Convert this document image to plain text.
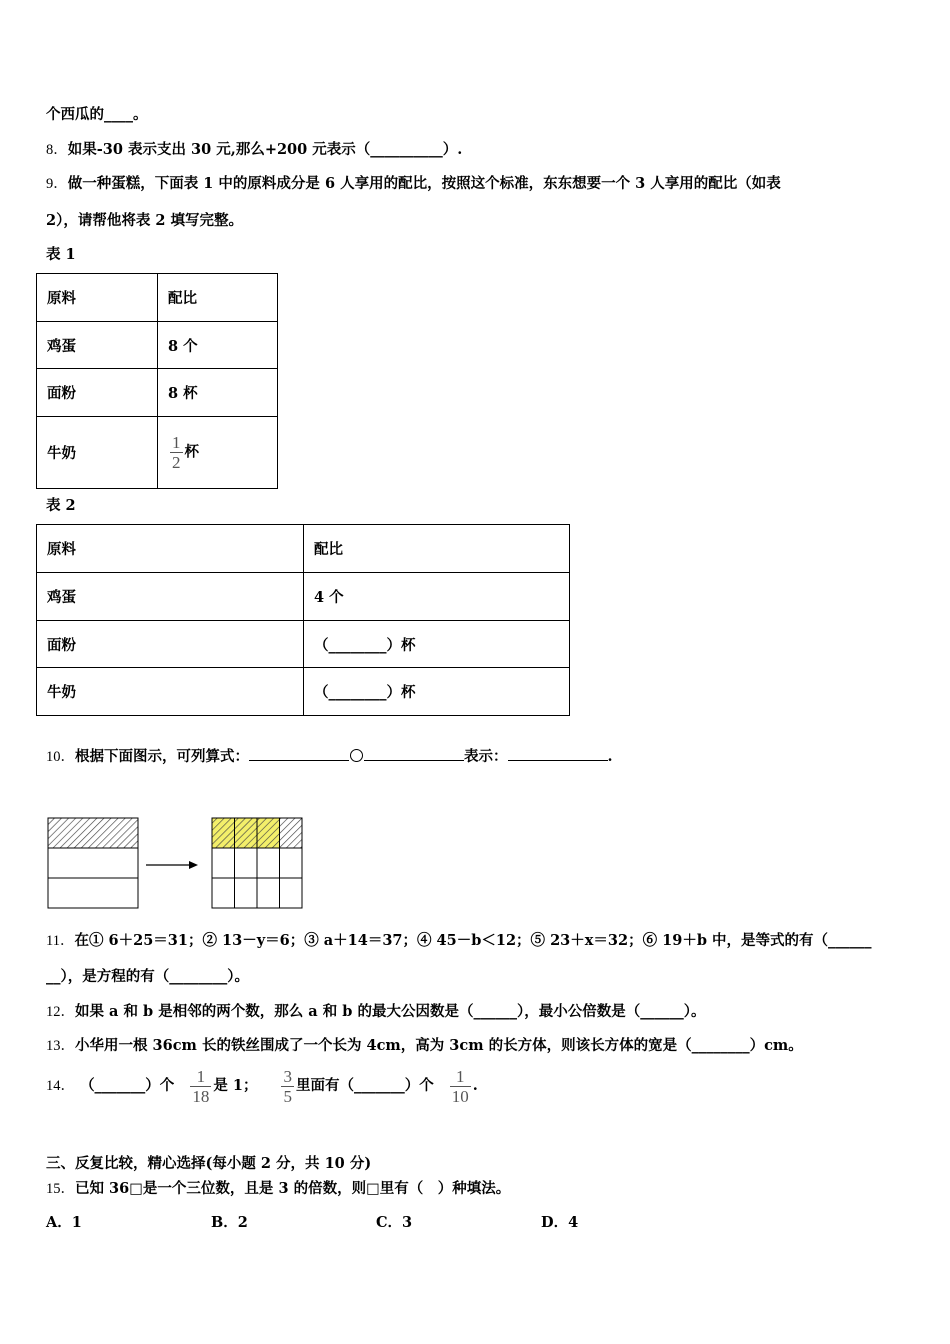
个西瓜的____。
8．如果-30 表示支出 30 元,那么+200 元表示（__________）.
9．做一种蛋糕，下面表 1 中的原料成分是 6 人享用的配比，按照这个标准，东东想要一个 3 人享用的配比（如表
2），请帮他将表 2 填写完整。
表 1
原料	配比
鸡蛋	8 个
面粉	8 杯
牛奶	$\frac{1}{2}$ 杯
表 2
原料	配比
鸡蛋	4 个
面粉	（________）杯
牛奶	（________）杯
10．根据下面图示，可列算式：	表示：	.
11．在① 6＋25＝31；② 13－y＝6；③ a＋14＝37；④ 45－b＜12；⑤ 23＋x＝32；⑥ 19＋b 中，是等式的有（______
__），是方程的有（________）。
12．如果 a 和 b 是相邻的两个数，那么 a 和 b 的最大公因数是（______），最小公倍数是（______）。
13．小华用一根 36cm 长的铁丝围成了一个长为 4cm，高为 3cm 的长方体，则该长方体的宽是（________）cm。
14． （_______）个 $\frac{1}{18}$ 是 1； $\frac{3}{5}$ 里面有（_______）个 $\frac{1}{10}$ .
三、反复比较，精心选择(每小题 2 分，共 10 分)
15．已知 36□是一个三位数，且是 3 的倍数，则□里有（　）种填法。
A．1	B．2	C．3	D．4
